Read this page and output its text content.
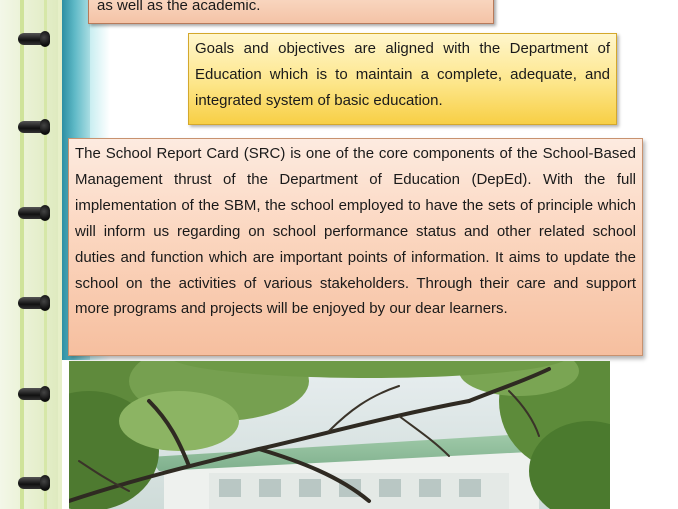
as well as the academic.
Goals and objectives are aligned with the Department of Education which is to maintain a complete, adequate, and integrated system of basic education.
The School Report Card (SRC) is one of the core components of the School-Based Management thrust of the Department of Education (DepEd). With the full implementation of the SBM, the school employed to have the sets of principle which will inform us regarding on school performance status and other related school duties and function which are important points of information. It aims to update the school on the activities of various stakeholders. Through their care and support more programs and projects will be enjoyed by our dear learners.
